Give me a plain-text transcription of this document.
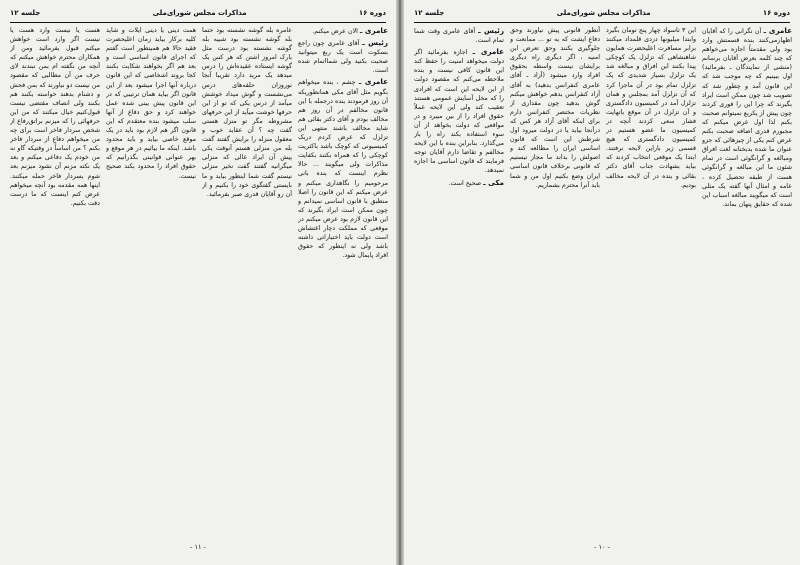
دوره ۱۶
مذاکرات مجلس شورای‌ملی
جلسه ۱۲

عامری ـ الان عرض میکنم.

رئیس ـ آقای عامری چون راجع بسکوت است یک ربع میتوانید صحبت بکنید ولی شمااتمام شده است.

عامری ـ چشم ، بنده میخواهم بگویم مثل آقای مکی همانطوریکه آن روز فرمودند بنده درجمله با این قانون مخالفم در آن روز هم مخالف بودم و آقای دکتر بقائی هم شاید مخالف باشند منتهی این تزلزل که عرض کردم دربک کمیسیونی که کوچک باشد باکثریت کوچکی را که همراه بکنند بکفایت مذاکرات ولی میگویند ... حالا نظرم اینست که بنده بانی مرحومیم را نگاهداری میکنم و عرض میکنم که این قانون را اصلا منطبق با قانون اساسی نمیدانم و چون ممکن است ایراد بگیرند که این قانون لازم بود عرض میکنم در موقعی که مملکت دچار اغتشاش است دولت باید اختیاراتی داشته باشد ولی نه اینطور که حقوق افراد پایمال شود.

عامره بله گوشه نشسته بود حتما بله گوشه نشسته بود شبیه بله گوشه نشسته بود درست مثل بارک امروز اشتن که هر کس یک گوشه ایستاده عقیده‌اش را درس میدهد یک مرید دارد تقریبا آنجا نوروزان حلقه‌های درس می‌نشست و گوش میداد خوشش میآمد از درس یکی که تو از این حرفها خوشت میآید از این حرفهای مشروطه مگر تو منزل هستی گفت چه ؟ آن عقاید خوب و معقول منزله را برایش گفتند گفت بله من منزلی هستم آنوقت یکی پیش آن ایراد عالی که منزلی میگرانیه گفتند گفت نخیر منزلی نیستم گفت شما اینطور بیاید و ما بایستی گفتگوی خود را بکنیم و از آن رو آقایان قدری صبر بفرمائید.

همت دینی یا دینی ایلات و شاید کلیه برکار بیاید زمان اعلیحضرت فقید حالا هم همینطور است گفتم که اجرای قانون اساسی است و بعد هم اگر بخواهند شکایت بکنند کجا بروند اشخاصی که این قانون درباره آنها اجرا میشود بعد از این قانون اگر بیاید همان ترتیبی که در این قانون پیش بینی شده عمل خواهند کرد و حق دفاع از آنها سلب میشود بنده معتقدم که این قانون اگر هم لازم بود باید در یک موقع خاصی بیاید و باید محدود باشد. اینکه ما بیائیم در هر موقع و بهر عنوانی قوانینی بگذرانیم که حقوق افراد را محدود بکند صحیح نیست.

هست یا نیست وارد هست یا نیست اگر وارد است خواهش میکنم قبول بفرمائید ومن از همکاران محترم خواهش میکنم که آنچه من نگفته ام بمن نبندند لای حرف من آن مطالبی که مقصود من نیست دو نیاورند که بمن فحش و دشنام بدهند خواسته بکنند هم بکنند ولی انصاف مقتضی نیست قبول‌کنیم خیال میکنند که من این حرفهائی را که میزنم براتق‌رفاع از شخص سردار فاخر است برای چه من میخواهم دفاع از سردار فاخر بکنم ؟ من اساساً در وقتیکه گاو نه من خودم یک دفاعی میکنم و بعد یک نکته مزنم آن نشود میزنم بعد شوم بسردار فاخر حمله میکنند. اینها همه مقدمه بود آنچه میخواهم عرض کنم اینست که ما درست دقت بکنیم.

- ۱۱ -
دوره ۱۶
مذاکرات مجلس شورای‌ملی
جلسه ۱۲

عامری ـ آن نگرانی را که آقایان اظهارمی‌کنند بنده قسمتش وارد بود ولی مقدمتاً اجازه می‌خواهم که چند کلمه بعرض آقایان برسانم (منشی از نمایندگان ـ بفرمائید) اول ببینیم که چه موجب شد که این قانون آمد و چطور شد که تصویب شد چون ممکن است ایراد بگیرند که چرا این را فوری کردند چون پیش از یکربع نمیتوانم صحبت بکنم لذا اول عرض میکنم که مجبورم قدری اضافه صحبت بکنم عرض کنم یکی از چیزهائی که جزو عنوان ما شده بدبختانه لغت افراق ومبالغه و گرانگوئی است در تمام شئون ما این مبالغه و گرانگوئی هست از طبقه تحصیل کرده ، عامه و امثال آنها گفته یک مثلی است که میگویند مبالغه اسباب این شده که حقایق پنهان بماند.

این ۳ تاسواد چهار پنج تومان بگیرد وابتدا میلیونها دزدی قلمداد میکنند برابر مسافرت اعلیحضرت همایون شاهنشاهی که تزلزل یک کوچکی پیدا بکنند این افراق و مبالغه شد یک تزلزل بسیار شدیدی که یک تزلزل تمام بود در آن ماجرا کرد که آن تزلزل آمد بمجلس و همان تزلزل آمد در کمیسیون دادگستری و آن تزلزل در آن موقع باتهایت فشار سعی کردند آنچه در کمیسیون ما عضو هستیم در کمیسیون دادگستری که هیچ قسمی زیر باراین لایحه نرفتند. ابتدا یک موقعی انتخاب کردند که بیاید بشهادت جناب آقای دکتر بقائی و بنده در آن لایحه مخالف بودیم.

آنطور قانونی پیش نیاورند وحق دفاع ایشت که به تو ... ممانعت و جلوگیری بکنند وحق تعرض این امنیه ، اگر دیگری راه دیگری برایشان نیست واسطه بحقوق افراد وارد میشود (آزاد ـ آقای عامری کنفرانس بدهید) به آقای آزاد کنفرانس بدهم خواهش میکنم گوش بدهید چون مقداری از نظریات مختصر کنفرانس دارم برای اینکه آقای آزاد هر کس که درآنجا بیاید یا در دولت میرود اول شرطش این است که قانون اساسی ایران را مطالعه کند و اصولش را بداند ما مجاز نیستیم که قانونی برخلاف قانون اساسی ایران وضع بکنیم اول من و شما باید آنرا محترم بشماریم.

رئیس ـ آقای عامری وقت شما تمام است.

عامری ـ اجازه بفرمائید اگر دولت میخواهد امنیت را حفظ کند این قانون کافی نیست و بنده ملاحظه می‌کنم که مقصود دولت از این لایحه این است که افرادی را که مخل آسایش عمومی هستند تعقیب کند ولی این لایحه عملاً حقوق افراد را از بین میبرد و در مواقعی که دولت بخواهد از آن سوء استفاده بکند راه را باز می‌گذارد. بنابراین بنده با این لایحه مخالفم و تقاضا دارم آقایان توجه فرمایند که قانون اساسی ما اجازه نمیدهد.

مکی ـ صحیح است.

- ۱۰ -
